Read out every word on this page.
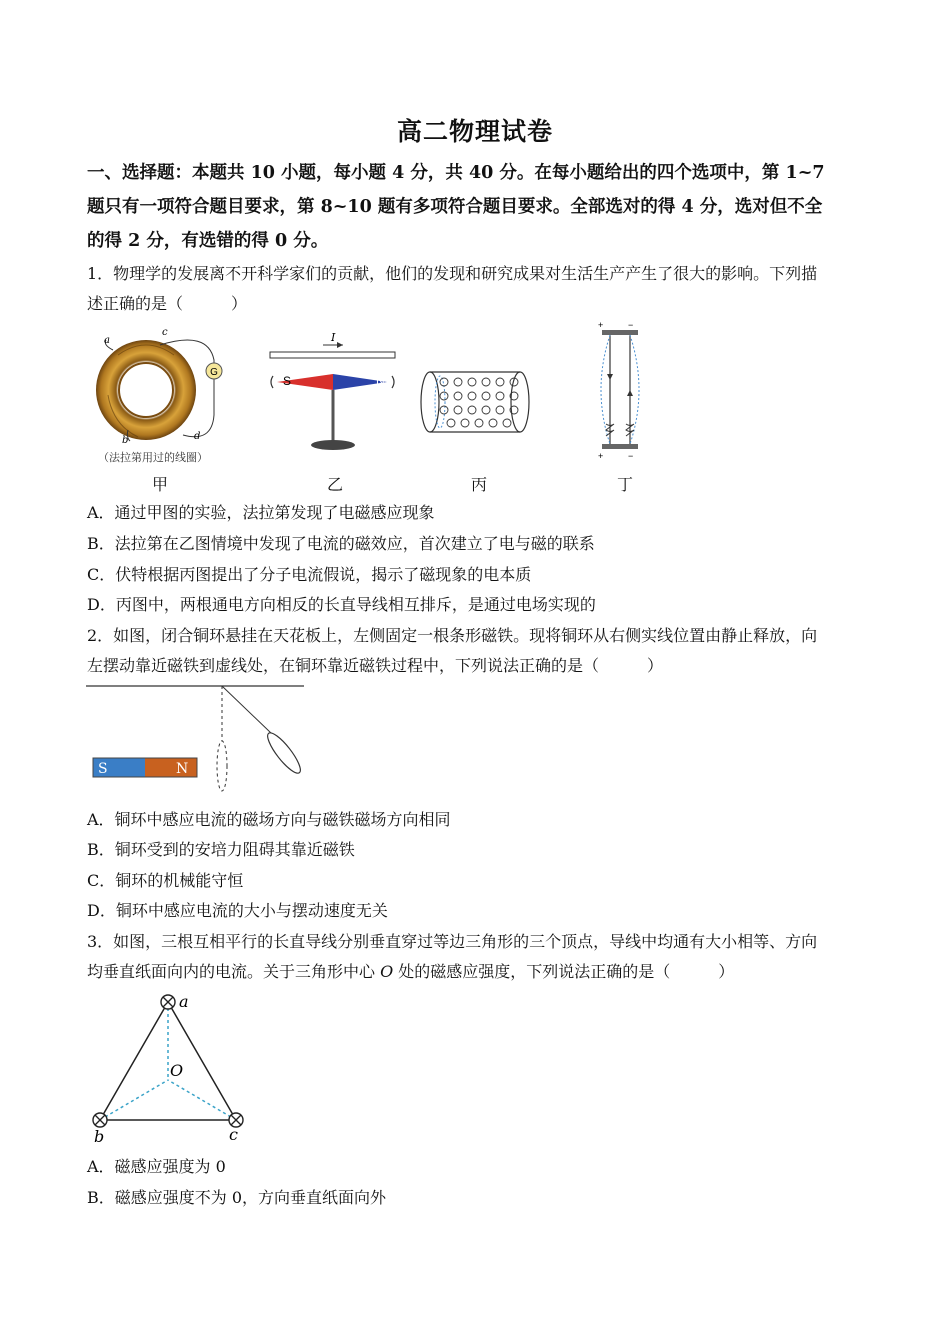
高二物理试卷
一、选择题：本题共 10 小题，每小题 4 分，共 40 分。在每小题给出的四个选项中，第 1~7
题只有一项符合题目要求，第 8~10 题有多项符合题目要求。全部选对的得 4 分，选对但不全
的得 2 分，有选错的得 0 分。
1．物理学的发展离不开科学家们的贡献，他们的发现和研究成果对生活生产产生了很大的影响。下列描
述正确的是（　　　）
G
a
c
b	d
（法拉第用过的线圈）
甲
I
S	N
乙	丙
+	−
+	−
丁
A．通过甲图的实验，法拉第发现了电磁感应现象
B．法拉第在乙图情境中发现了电流的磁效应，首次建立了电与磁的联系
C．伏特根据丙图提出了分子电流假说，揭示了磁现象的电本质
D．丙图中，两根通电方向相反的长直导线相互排斥，是通过电场实现的
2．如图，闭合铜环悬挂在天花板上，左侧固定一根条形磁铁。现将铜环从右侧实线位置由静止释放，向
左摆动靠近磁铁到虚线处，在铜环靠近磁铁过程中，下列说法正确的是（　　　）
S	N
A．铜环中感应电流的磁场方向与磁铁磁场方向相同
B．铜环受到的安培力阻碍其靠近磁铁
C．铜环的机械能守恒
D．铜环中感应电流的大小与摆动速度无关
3．如图，三根互相平行的长直导线分别垂直穿过等边三角形的三个顶点，导线中均通有大小相等、方向
均垂直纸面向内的电流。关于三角形中心 O 处的磁感应强度，下列说法正确的是（　　　）
a
b	c
O
A．磁感应强度为 0
B．磁感应强度不为 0，方向垂直纸面向外
